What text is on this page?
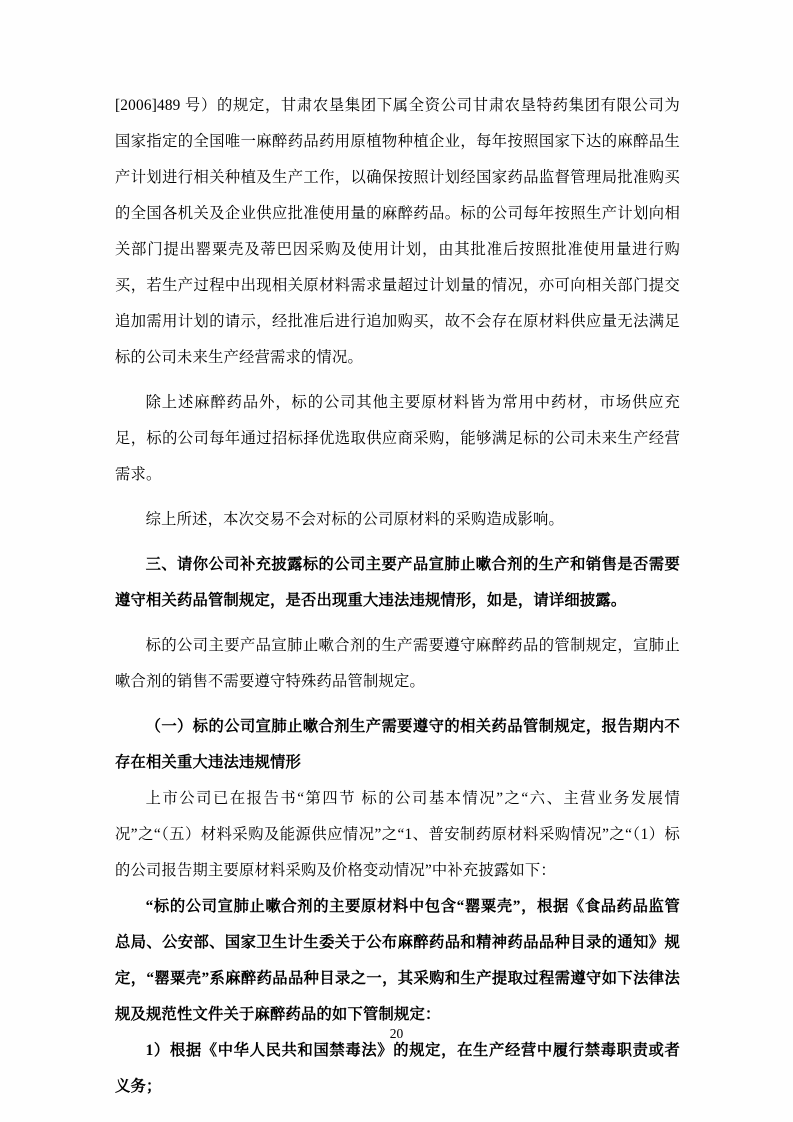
[2006]489 号）的规定，甘肃农垦集团下属全资公司甘肃农垦特药集团有限公司为国家指定的全国唯一麻醉药品药用原植物种植企业，每年按照国家下达的麻醉品生产计划进行相关种植及生产工作，以确保按照计划经国家药品监督管理局批准购买的全国各机关及企业供应批准使用量的麻醉药品。标的公司每年按照生产计划向相关部门提出罂粟壳及蒂巴因采购及使用计划，由其批准后按照批准使用量进行购买，若生产过程中出现相关原材料需求量超过计划量的情况，亦可向相关部门提交追加需用计划的请示，经批准后进行追加购买，故不会存在原材料供应量无法满足标的公司未来生产经营需求的情况。

除上述麻醉药品外，标的公司其他主要原材料皆为常用中药材，市场供应充足，标的公司每年通过招标择优选取供应商采购，能够满足标的公司未来生产经营需求。

综上所述，本次交易不会对标的公司原材料的采购造成影响。

三、请你公司补充披露标的公司主要产品宣肺止嗽合剂的生产和销售是否需要遵守相关药品管制规定，是否出现重大违法违规情形，如是，请详细披露。

标的公司主要产品宣肺止嗽合剂的生产需要遵守麻醉药品的管制规定，宣肺止嗽合剂的销售不需要遵守特殊药品管制规定。

（一）标的公司宣肺止嗽合剂生产需要遵守的相关药品管制规定，报告期内不存在相关重大违法违规情形

上市公司已在报告书“第四节 标的公司基本情况”之“六、主营业务发展情况”之“（五）材料采购及能源供应情况”之“1、普安制药原材料采购情况”之“（1）标的公司报告期主要原材料采购及价格变动情况”中补充披露如下：

“标的公司宣肺止嗽合剂的主要原材料中包含“罂粟壳”，根据《食品药品监管总局、公安部、国家卫生计生委关于公布麻醉药品和精神药品品种目录的通知》规定，“罂粟壳”系麻醉药品品种目录之一，其采购和生产提取过程需遵守如下法律法规及规范性文件关于麻醉药品的如下管制规定：

1）根据《中华人民共和国禁毒法》的规定，在生产经营中履行禁毒职责或者义务；

20
